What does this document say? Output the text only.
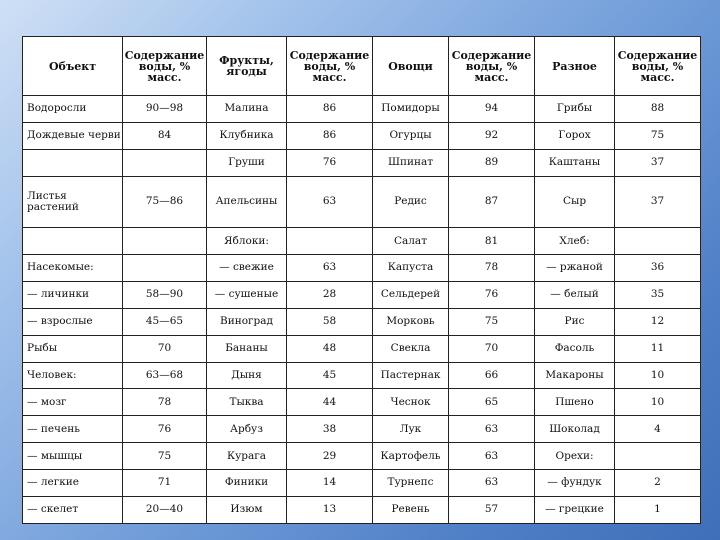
Объект	Содержание воды, % масс.	Фрукты, ягоды	Содержание воды, % масс.	Овощи	Содержание воды, % масс.	Разное	Содержание воды, % масс.
Водоросли	90—98	Малина	86	Помидоры	94	Грибы	88
Дождевые черви	84	Клубника	86	Огурцы	92	Горох	75
		Груши	76	Шпинат	89	Каштаны	37
Листья растений	75—86	Апельсины	63	Редис	87	Сыр	37
		Яблоки:		Салат	81	Хлеб:	
Насекомые:		— свежие	63	Капуста	78	— ржаной	36
— личинки	58—90	— сушеные	28	Сельдерей	76	— белый	35
— взрослые	45—65	Виноград	58	Морковь	75	Рис	12
Рыбы	70	Бананы	48	Свекла	70	Фасоль	11
Человек:	63—68	Дыня	45	Пастернак	66	Макароны	10
— мозг	78	Тыква	44	Чеснок	65	Пшено	10
— печень	76	Арбуз	38	Лук	63	Шоколад	4
— мышцы	75	Курага	29	Картофель	63	Орехи:	
— легкие	71	Финики	14	Турнепс	63	— фундук	2
— скелет	20—40	Изюм	13	Ревень	57	— грецкие	1
